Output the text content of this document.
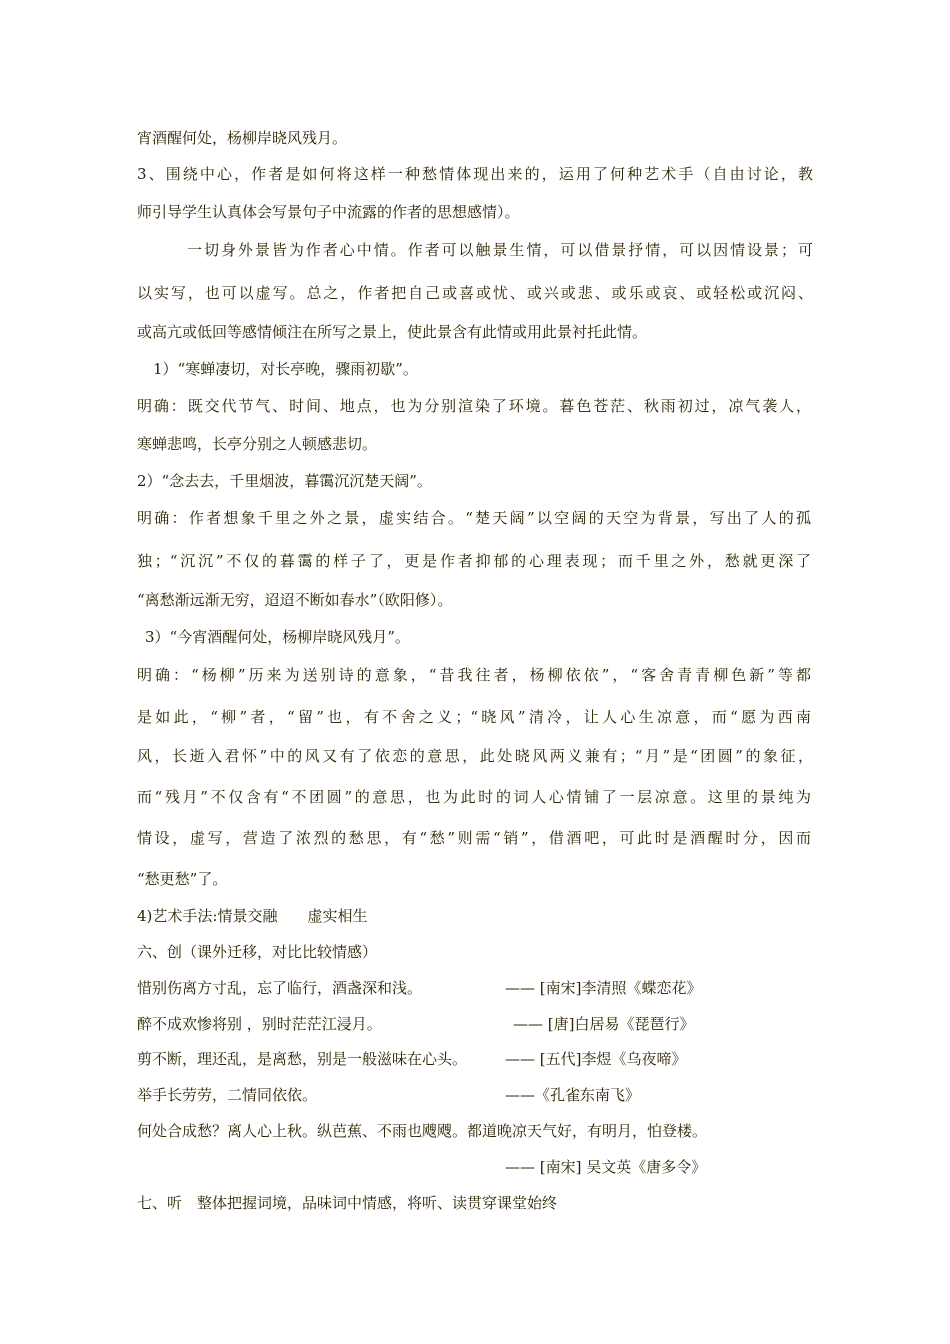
宵酒醒何处，杨柳岸晓风残月。
3、围绕中心，作者是如何将这样一种愁情体现出来的，运用了何种艺术手（自由讨论，教
师引导学生认真体会写景句子中流露的作者的思想感情）。
一切身外景皆为作者心中情。作者可以触景生情，可以借景抒情，可以因情设景；可
以实写，也可以虚写。总之，作者把自己或喜或忧、或兴或悲、或乐或哀、或轻松或沉闷、
或高亢或低回等感情倾注在所写之景上，使此景含有此情或用此景衬托此情。
1）“寒蝉凄切，对长亭晚，骤雨初歇”。
明确：既交代节气、时间、地点，也为分别渲染了环境。暮色苍茫、秋雨初过，凉气袭人，
寒蝉悲鸣，长亭分别之人顿感悲切。
2）“念去去，千里烟波，暮霭沉沉楚天阔”。
明确：作者想象千里之外之景，虚实结合。“楚天阔”以空阔的天空为背景，写出了人的孤
独；“沉沉”不仅的暮霭的样子了，更是作者抑郁的心理表现；而千里之外，愁就更深了
“离愁渐远渐无穷，迢迢不断如春水”（欧阳修）。
3）“今宵酒醒何处，杨柳岸晓风残月”。
明确：“杨柳”历来为送别诗的意象，“昔我往者，杨柳依依”，“客舍青青柳色新”等都
是如此，“柳”者，“留”也，有不舍之义；“晓风”清冷，让人心生凉意，而“愿为西南
风，长逝入君怀”中的风又有了依恋的意思，此处晓风两义兼有；“月”是“团圆”的象征，
而“残月”不仅含有“不团圆”的意思，也为此时的词人心情铺了一层凉意。这里的景纯为
情设，虚写，营造了浓烈的愁思，有“愁”则需“销”，借酒吧，可此时是酒醒时分，因而
“愁更愁”了。
4)艺术手法:情景交融　　虚实相生
六、创（课外迁移，对比比较情感）
惜别伤离方寸乱，忘了临行，酒盏深和浅。	—— [南宋]李清照《蝶恋花》
醉不成欢惨将别 ，别时茫茫江浸月。	—— [唐]白居易《琵琶行》
剪不断，理还乱，是离愁，别是一般滋味在心头。	—— [五代]李煜《乌夜啼》
举手长劳劳，二情同依依。	——《孔雀东南飞》
何处合成愁？离人心上秋。纵芭蕉、不雨也飕飕。都道晚凉天气好，有明月，怕登楼。
—— [南宋] 吴文英《唐多令》
七、听　整体把握词境，品味词中情感，将听、读贯穿课堂始终
